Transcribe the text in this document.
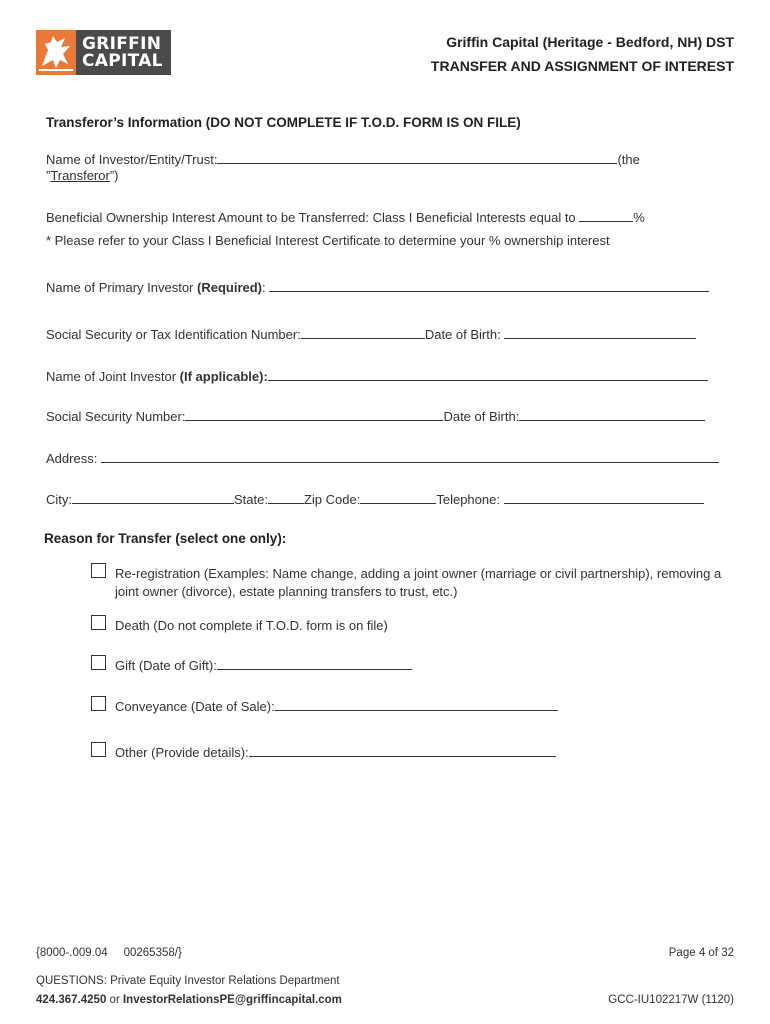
GRIFFIN
CAPITAL
Griffin Capital (Heritage - Bedford, NH) DST
TRANSFER AND ASSIGNMENT OF INTEREST
Transferor’s Information (DO NOT COMPLETE IF T.O.D. FORM IS ON FILE)
Name of Investor/Entity/Trust:	(the
”Transferor”)
Beneficial Ownership Interest Amount to be Transferred: Class I Beneficial Interests equal to	%
* Please refer to your Class I Beneficial Interest Certificate to determine your % ownership interest
Name of Primary Investor (Required):
Social Security or Tax Identification Number:	Date of Birth:
Name of Joint Investor (If applicable):
Social Security Number:	Date of Birth:
Address:
City:	State:	Zip Code:	Telephone:
Reason for Transfer (select one only):
Re-registration (Examples: Name change, adding a joint owner (marriage or civil partnership), removing a joint owner (divorce), estate planning transfers to trust, etc.)
Death (Do not complete if T.O.D. form is on file)
Gift (Date of Gift):
Conveyance (Date of Sale):
Other (Provide details):
{8000-.009.04     00265358/}	Page 4 of 32
QUESTIONS: Private Equity Investor Relations Department
424.367.4250 or InvestorRelationsPE@griffincapital.com	GCC-IU102217W (1120)
